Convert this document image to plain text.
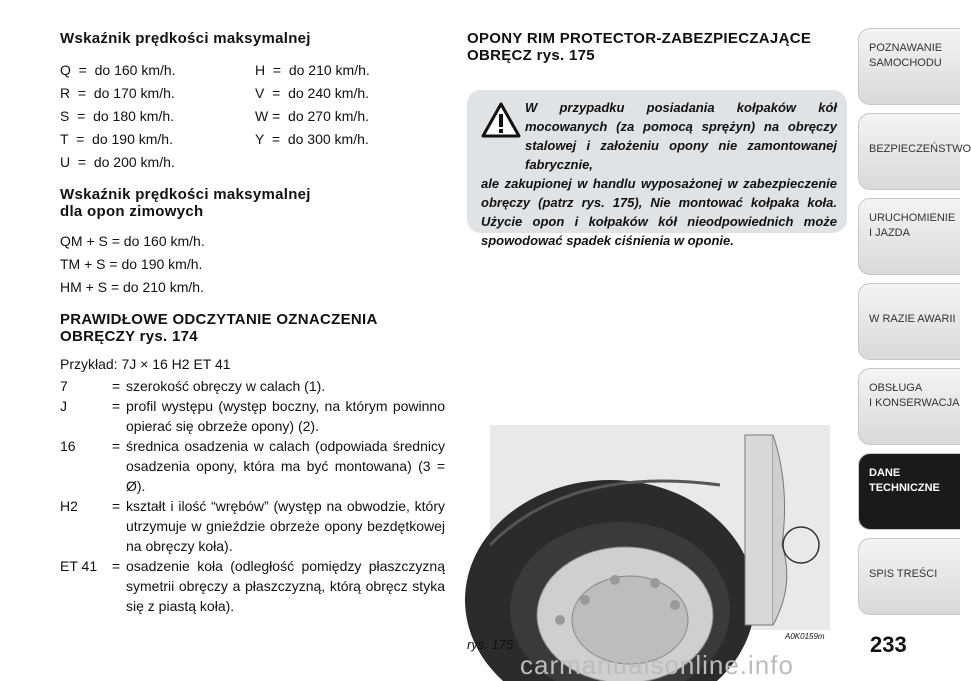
Wskaźnik prędkości maksymalnej

Q  =  do 160 km/h.	H  =  do 210 km/h.
R  =  do 170 km/h.	V  =  do 240 km/h.
S  =  do 180 km/h.	W =  do 270 km/h.
T  =  do 190 km/h.	Y  =  do 300 km/h.
U  =  do 200 km/h.

Wskaźnik prędkości maksymalnej
dla opon zimowych

QM + S = do 160 km/h.
TM + S = do 190 km/h.
HM + S = do 210 km/h.

PRAWIDŁOWE ODCZYTANIE OZNACZENIA
OBRĘCZY rys. 174

Przykład: 7J × 16 H2 ET 41
7	= szerokość obręczy w calach (1).
J	= profil występu (występ boczny, na którym powinno opierać się obrzeże opony) (2).
16	= średnica osadzenia w calach (odpowiada średnicy osadzenia opony, która ma być montowana) (3 = Ø).
H2	= kształt i ilość “wrębów” (występ na obwodzie, który utrzymuje w gnieździe obrzeże opony bezdętkowej na obręczy koła).
ET 41	= osadzenie koła (odległość pomiędzy płaszczyzną symetrii obręczy a płaszczyzną, którą obręcz styka się z piastą koła).

OPONY RIM PROTECTOR-ZABEZPIECZAJĄCE
OBRĘCZ rys. 175

W przypadku posiadania kołpaków kół mocowanych (za pomocą sprężyn) na obręczy stalowej i założeniu opony nie zamontowanej fabrycznie,
ale zakupionej w handlu wyposażonej w zabezpieczenie obręczy (patrz rys. 175), Nie montować kołpaka koła. Użycie opon i kołpaków kół nieodpowiednich może spowodować spadek ciśnienia w oponie.
rys. 175
A0K0159m 233
POZNAWANIE
SAMOCHODU
BEZPIECZEŃSTWO
URUCHOMIENIE
I JAZDA
W RAZIE AWARII
OBSŁUGA
I KONSERWACJA
DANE
TECHNICZNE
SPIS TREŚCI
carmanualsonline.info
